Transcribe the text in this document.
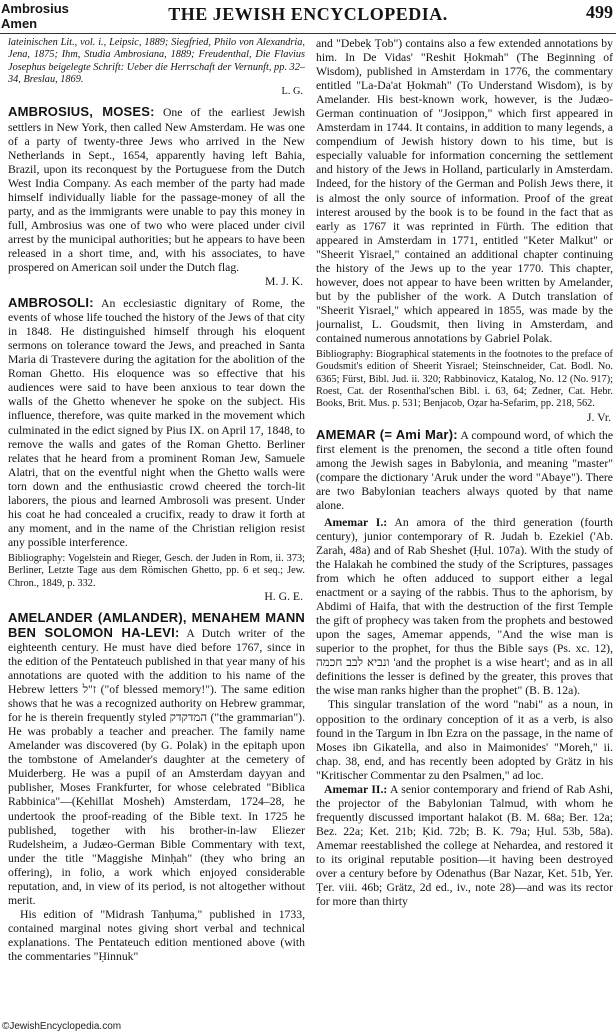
Ambrosius
Amen	THE JEWISH ENCYCLOPEDIA.	499

lateinischen Lit., vol. i., Leipsic, 1889; Siegfried, Philo von Alexandria, Jena, 1875; Ihm, Studia Ambrosiana, 1889; Freudenthal, Die Flavius Josephus beigelegte Schrift: Ueber die Herrschaft der Vernunft, pp. 32–34, Breslau, 1869.

L. G.

AMBROSIUS, MOSES: One of the earliest Jewish settlers in New York, then called New Amsterdam. He was one of a party of twenty-three Jews who arrived in the New Netherlands in Sept., 1654, apparently having left Bahia, Brazil, upon its reconquest by the Portuguese from the Dutch West India Company. As each member of the party had made himself individually liable for the passage-money of all the party, and as the immigrants were unable to pay this money in full, Ambrosius was one of two who were placed under civil arrest by the municipal authorities; but he appears to have been released in a short time, and, with his associates, to have prospered on American soil under the Dutch flag.

M. J. K.

AMBROSOLI: An ecclesiastic dignitary of Rome, the events of whose life touched the history of the Jews of that city in 1848. He distinguished himself through his eloquent sermons on tolerance toward the Jews, and preached in Santa Maria di Trastevere during the agitation for the abolition of the Roman Ghetto. His eloquence was so effective that his audiences were said to have been anxious to tear down the walls of the Ghetto whenever he spoke on the subject. His influence, therefore, was quite marked in the movement which culminated in the edict signed by Pius IX. on April 17, 1848, to remove the walls and gates of the Roman Ghetto. Berliner relates that he heard from a prominent Roman Jew, Samuele Alatri, that on the eventful night when the Ghetto walls were torn down and the enthusiastic crowd cheered the torch-lit laborers, the pious and learned Ambrosoli was present. Under his coat he had concealed a crucifix, ready to draw it forth at any moment, and in the name of the Christian religion resist any possible interference.

Bibliography: Vogelstein and Rieger, Gesch. der Juden in Rom, ii. 373; Berliner, Letzte Tage aus dem Römischen Ghetto, pp. 6 et seq.; Jew. Chron., 1849, p. 332.

H. G. E.

AMELANDER (AMLANDER), MENAHEM MANN BEN SOLOMON HA-LEVI: A Dutch writer of the eighteenth century. He must have died before 1767, since in the edition of the Pentateuch published in that year many of his annotations are quoted with the addition to his name of the Hebrew letters ז"ל ("of blessed memory!"). The same edition shows that he was a recognized authority on Hebrew grammar, for he is therein frequently styled המדקדק ("the grammarian"). He was probably a teacher and preacher. The family name Amelander was discovered (by G. Polak) in the epitaph upon the tombstone of Amelander's daughter at the cemetery of Muiderberg. He was a pupil of an Amsterdam dayyan and publisher, Moses Frankfurter, for whose celebrated "Biblica Rabbinica"—(Ḳehillat Mosheh) Amsterdam, 1724–28, he undertook the proof-reading of the Bible text. In 1725 he published, together with his brother-in-law Eliezer Rudelsheim, a Judæo-German Bible Commentary with text, under the title "Maggishe Minḥah" (they who bring an offering), in folio, a work which enjoyed considerable reputation, and, in view of its period, is not altogether without merit.

His edition of "Midrash Tanḥuma," published in 1733, contained marginal notes giving short verbal and technical explanations. The Pentateuch edition mentioned above (with the commentaries "Ḥinnuk"

and "Debeḳ Ṭob") contains also a few extended annotations by him. In De Vidas' "Reshit Ḥokmah" (The Beginning of Wisdom), published in Amsterdam in 1776, the commentary entitled "La-Da'at Ḥokmah" (To Understand Wisdom), is by Amelander. His best-known work, however, is the Judæo-German continuation of "Josippon," which first appeared in Amsterdam in 1744. It contains, in addition to many legends, a compendium of Jewish history down to his time, but is especially valuable for information concerning the settlement and history of the Jews in Holland, particularly in Amsterdam. Indeed, for the history of the German and Polish Jews there, it is almost the only source of information. Proof of the great interest aroused by the book is to be found in the fact that as early as 1767 it was reprinted in Fürth. The edition that appeared in Amsterdam in 1771, entitled "Keter Malkut" or "Sheerit Yisrael," contained an additional chapter continuing the history of the Jews up to the year 1770. This chapter, however, does not appear to have been written by Amelander, but by the publisher of the work. A Dutch translation of "Sheerit Yisrael," which appeared in 1855, was made by the journalist, L. Goudsmit, then living in Amsterdam, and contained numerous annotations by Gabriel Polak.

Bibliography: Biographical statements in the footnotes to the preface of Goudsmit's edition of Sheerit Yisrael; Steinschneider, Cat. Bodl. No. 6365; Fürst, Bibl. Jud. ii. 320; Rabbinovicz, Katalog, No. 12 (No. 917); Roest, Cat. der Rosenthal'schen Bibl. i. 63, 64; Zedner, Cat. Hebr. Books, Brit. Mus. p. 531; Benjacob, Oẓar ha-Sefarim, pp. 218, 562.

J. Vr.

AMEMAR (= Ami Mar): A compound word, of which the first element is the prenomen, the second a title often found among the Jewish sages in Babylonia, and meaning "master" (compare the dictionary 'Aruk under the word "Abaye"). There are two Babylonian teachers always quoted by that name alone.

Amemar I.: An amora of the third generation (fourth century), junior contemporary of R. Judah b. Ezekiel ('Ab. Zarah, 48a) and of Rab Sheshet (Ḥul. 107a). With the study of the Halakah he combined the study of the Scriptures, passages from which he often adduced to support either a legal enactment or a saying of the rabbis. Thus to the aphorism, by Abdimi of Haifa, that with the destruction of the first Temple the gift of prophecy was taken from the prophets and bestowed upon the sages, Amemar appends, "And the wise man is superior to the prophet, for thus the Bible says (Ps. xc. 12), ונביא לבב חכמה 'and the prophet is a wise heart'; and as in all definitions the lesser is defined by the greater, this proves that the wise man ranks higher than the prophet" (B. B. 12a).

This singular translation of the word "nabi" as a noun, in opposition to the ordinary conception of it as a verb, is also found in the Targum in Ibn Ezra on the passage, in the name of Moses ibn Gikatella, and also in Maimonides' "Moreh," ii. chap. 38, end, and has recently been adopted by Grätz in his "Kritischer Commentar zu den Psalmen," ad loc.

Amemar II.: A senior contemporary and friend of Rab Ashi, the projector of the Babylonian Talmud, with whom he frequently discussed important halakot (B. M. 68a; Ber. 12a; Bez. 22a; Ket. 21b; Ḳid. 72b; B. K. 79a; Ḥul. 53b, 58a). Amemar reestablished the college at Nehardea, and restored it to its original reputable position—it having been destroyed over a century before by Odenathus (Bar Nazar, Ket. 51b, Yer. Ṭer. viii. 46b; Grätz, 2d ed., iv., note 28)—and was its rector for more than thirty

©JewishEncyclopedia.com
